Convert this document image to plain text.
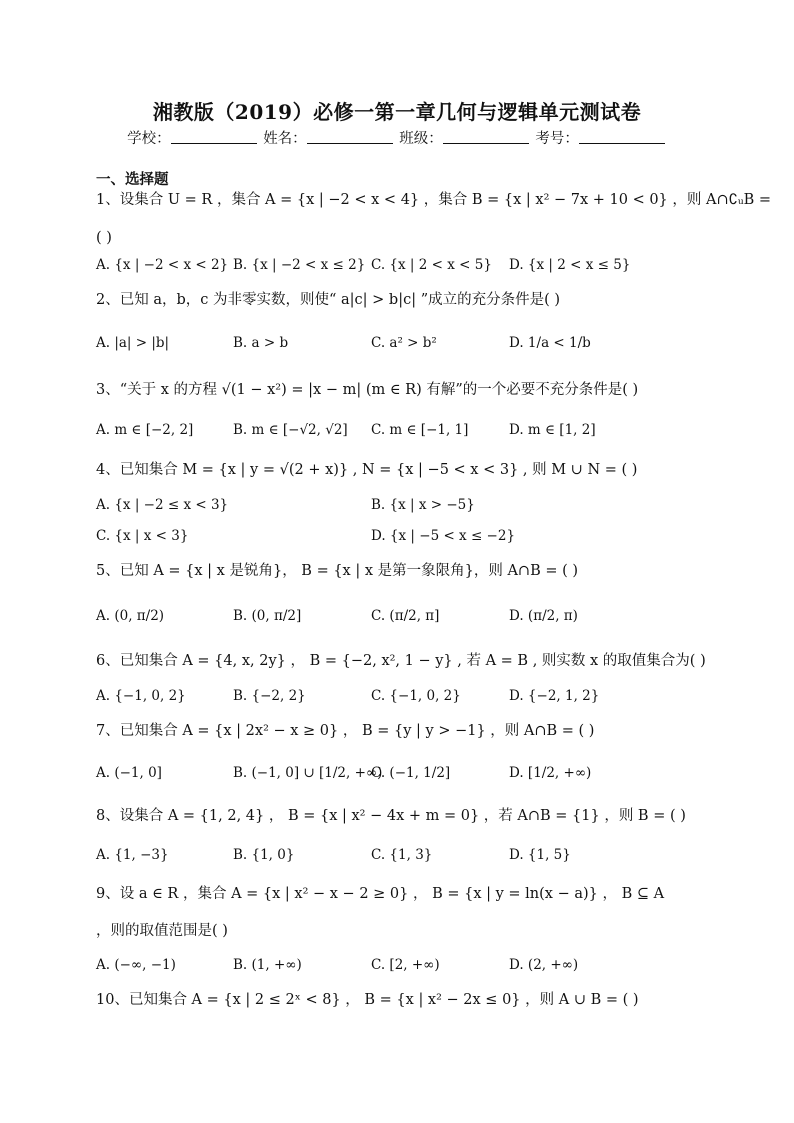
湘教版（2019）必修一第一章几何与逻辑单元测试卷
学校：	姓名：	班级：	考号：
一、选择题
1、设集合 U = R ，集合 A = {x | −2 < x < 4} ，集合 B = {x | x² − 7x + 10 < 0} ，则 A∩∁ᵤB =
( )
A. {x | −2 < x < 2} B. {x | −2 < x ≤ 2} C. {x | 2 < x < 5} D. {x | 2 < x ≤ 5}
2、已知 a，b，c 为非零实数，则使“ a|c| > b|c| ”成立的充分条件是( )
A. |a| > |b|	B. a > b	C. a² > b²	D. 1/a < 1/b
3、“关于 x 的方程 √(1 − x²) = |x − m| (m ∈ R) 有解”的一个必要不充分条件是( )
A. m ∈ [−2, 2]	B. m ∈ [−√2, √2] C. m ∈ [−1, 1]	D. m ∈ [1, 2]
4、已知集合 M = {x | y = √(2 + x)} , N = {x | −5 < x < 3} , 则 M ∪ N = ( )
A. {x | −2 ≤ x < 3}	B. {x | x > −5}
C. {x | x < 3}	D. {x | −5 < x ≤ −2}
5、已知 A = {x | x 是锐角}， B = {x | x 是第一象限角}，则 A∩B = ( )
A. (0, π/2)	B. (0, π/2]	C. (π/2, π]	D. (π/2, π)
6、已知集合 A = {4, x, 2y} ， B = {−2, x², 1 − y} , 若 A = B , 则实数 x 的取值集合为( )
A. {−1, 0, 2}	B. {−2, 2}	C. {−1, 0, 2}	D. {−2, 1, 2}
7、已知集合 A = {x | 2x² − x ≥ 0} ， B = {y | y > −1} ，则 A∩B = ( )
A. (−1, 0]	B. (−1, 0] ∪ [1/2, +∞)
C. (−1, 1/2]	D. [1/2, +∞)
8、设集合 A = {1, 2, 4} ， B = {x | x² − 4x + m = 0} ，若 A∩B = {1} ，则 B = ( )
A. {1, −3}	B. {1, 0}	C. {1, 3}	D. {1, 5}
9、设 a ∈ R ，集合 A = {x | x² − x − 2 ≥ 0} ， B = {x | y = ln(x − a)} ， B ⊆ A
，则的取值范围是( )
A. (−∞, −1)	B. (1, +∞)	C. [2, +∞)	D. (2, +∞)
10、已知集合 A = {x | 2 ≤ 2ˣ < 8} ， B = {x | x² − 2x ≤ 0} ，则 A ∪ B = ( )
